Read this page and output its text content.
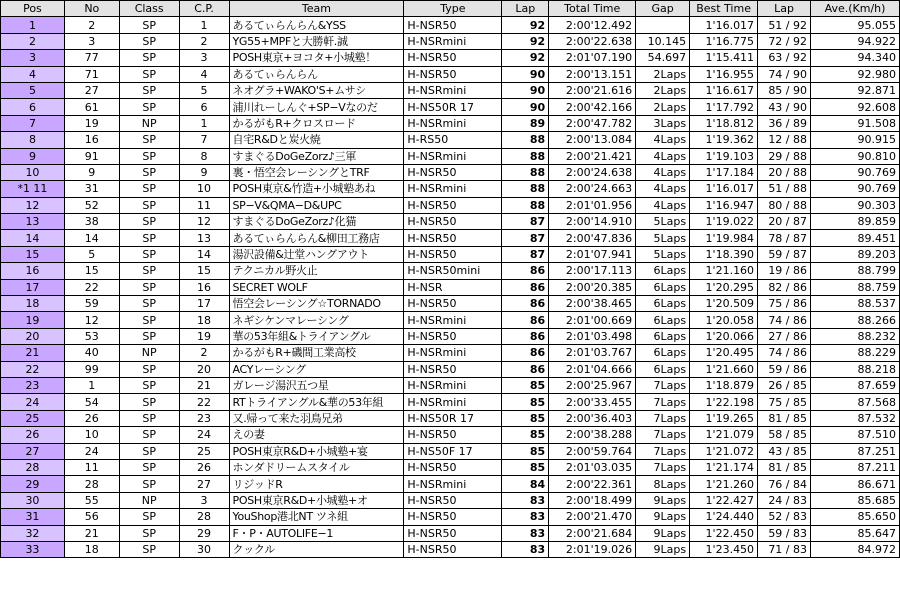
Pos	No	Class	C.P.	Team	Type	Lap	Total Time	Gap	Best Time	Lap	Ave.(Km/h)
1	2	SP	1	あるてぃらんらん&YSS	H-NSR50	92	2:00'12.492		1'16.017	51 / 92	95.055
2	3	SP	2	YG55+MPFと大勝軒.誠	H-NSRmini	92	2:00'22.638	10.145	1'16.775	72 / 92	94.922
3	77	SP	3	POSH東京+ヨコタ+小城塾！	H-NSR50	92	2:01'07.190	54.697	1'15.411	63 / 92	94.340
4	71	SP	4	あるてぃらんらん	H-NSR50	90	2:00'13.151	2Laps	1'16.955	74 / 90	92.980
5	27	SP	5	ネオグラ+WAKO'S+ムサシ	H-NSRmini	90	2:00'21.616	2Laps	1'16.617	85 / 90	92.871
6	61	SP	6	浦川れーしんぐ+SP−Vなのだ	H-NS50R 17	90	2:00'42.166	2Laps	1'17.792	43 / 90	92.608
7	19	NP	1	かるがもR+クロスロード	H-NSRmini	89	2:00'47.782	3Laps	1'18.812	36 / 89	91.508
8	16	SP	7	自宅R&Dと炭火焼	H-RS50	88	2:00'13.084	4Laps	1'19.362	12 / 88	90.915
9	91	SP	8	すまぐるDoGeZorz♪三軍	H-NSRmini	88	2:00'21.421	4Laps	1'19.103	29 / 88	90.810
10	9	SP	9	裏・悟空会レーシングとTRF	H-NSR50	88	2:00'24.638	4Laps	1'17.184	20 / 88	90.769
*1 11	31	SP	10	POSH東京&竹造+小城塾あね	H-NSRmini	88	2:00'24.663	4Laps	1'16.017	51 / 88	90.769
12	52	SP	11	SP−V&QMA−D&UPC	H-NSR50	88	2:01'01.956	4Laps	1'16.947	80 / 88	90.303
13	38	SP	12	すまぐるDoGeZorz♪化猫	H-NSR50	87	2:00'14.910	5Laps	1'19.022	20 / 87	89.859
14	14	SP	13	あるてぃらんらん&柳田工務店	H-NSR50	87	2:00'47.836	5Laps	1'19.984	78 / 87	89.451
15	5	SP	14	湯沢設備&辻堂ハングアウト	H-NSR50	87	2:01'07.941	5Laps	1'18.390	59 / 87	89.203
16	15	SP	15	テクニカル野火止	H-NSR50mini	86	2:00'17.113	6Laps	1'21.160	19 / 86	88.799
17	22	SP	16	SECRET WOLF	H-NSR	86	2:00'20.385	6Laps	1'20.295	82 / 86	88.759
18	59	SP	17	悟空会レーシング☆TORNADO	H-NSR50	86	2:00'38.465	6Laps	1'20.509	75 / 86	88.537
19	12	SP	18	ネギシケンマレーシング	H-NSRmini	86	2:01'00.669	6Laps	1'20.058	74 / 86	88.266
20	53	SP	19	華の53年組&トライアングル	H-NSR50	86	2:01'03.498	6Laps	1'20.066	27 / 86	88.232
21	40	NP	2	かるがもR+磯間工業高校	H-NSRmini	86	2:01'03.767	6Laps	1'20.495	74 / 86	88.229
22	99	SP	20	ACYレーシング	H-NSR50	86	2:01'04.666	6Laps	1'21.660	59 / 86	88.218
23	1	SP	21	ガレージ湯沢五つ星	H-NSRmini	85	2:00'25.967	7Laps	1'18.879	26 / 85	87.659
24	54	SP	22	RTトライアングル&華の53年組	H-NSRmini	85	2:00'33.455	7Laps	1'22.198	75 / 85	87.568
25	26	SP	23	又.帰って来た羽鳥兄弟	H-NS50R 17	85	2:00'36.403	7Laps	1'19.265	81 / 85	87.532
26	10	SP	24	えの妻	H-NSR50	85	2:00'38.288	7Laps	1'21.079	58 / 85	87.510
27	24	SP	25	POSH東京R&D+小城塾+宴	H-NS50F 17	85	2:00'59.764	7Laps	1'21.072	43 / 85	87.251
28	11	SP	26	ホンダドリームスタイル	H-NSR50	85	2:01'03.035	7Laps	1'21.174	81 / 85	87.211
29	28	SP	27	リジッドR	H-NSRmini	84	2:00'22.361	8Laps	1'21.260	76 / 84	86.671
30	55	NP	3	POSH東京R&D+小城塾+オ	H-NSR50	83	2:00'18.499	9Laps	1'22.427	24 / 83	85.685
31	56	SP	28	YouShop港北NT ツネ組	H-NSR50	83	2:00'21.470	9Laps	1'24.440	52 / 83	85.650
32	21	SP	29	F・P・AUTOLIFE−1	H-NSR50	83	2:00'21.684	9Laps	1'22.450	59 / 83	85.647
33	18	SP	30	クックル	H-NSR50	83	2:01'19.026	9Laps	1'23.450	71 / 83	84.972
